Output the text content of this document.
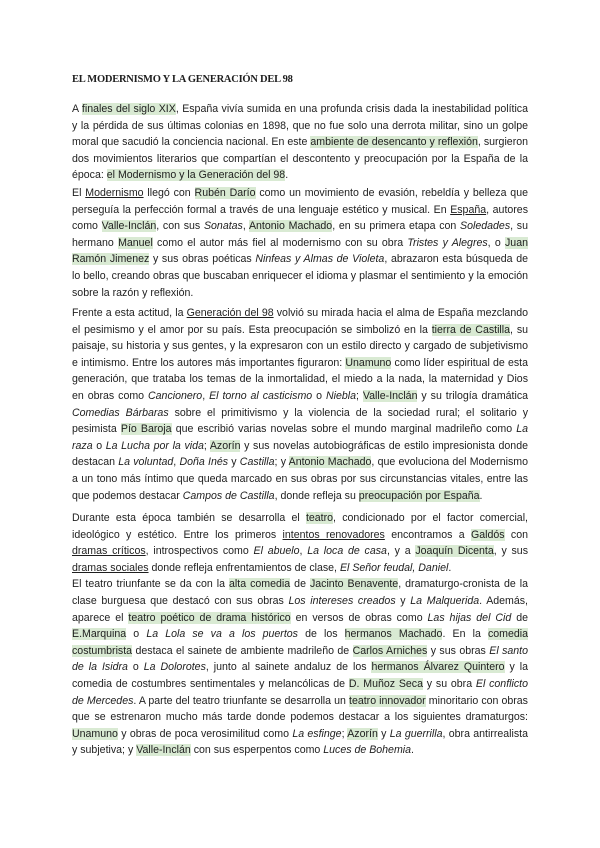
EL MODERNISMO Y LA GENERACIÓN DEL 98

A finales del siglo XIX, España vivía sumida en una profunda crisis dada la inestabilidad política y la pérdida de sus últimas colonias en 1898, que no fue solo una derrota militar, sino un golpe moral que sacudió la conciencia nacional. En este ambiente de desencanto y reflexión, surgieron dos movimientos literarios que compartían el descontento y preocupación por la España de la época: el Modernismo y la Generación del 98.

El Modernismo llegó con Rubén Darío como un movimiento de evasión, rebeldía y belleza que perseguía la perfección formal a través de una lenguaje estético y musical. En España, autores como Valle-Inclán, con sus Sonatas, Antonio Machado, en su primera etapa con Soledades, su hermano Manuel como el autor más fiel al modernismo con su obra Tristes y Alegres, o Juan Ramón Jimenez y sus obras poéticas Ninfeas y Almas de Violeta, abrazaron esta búsqueda de lo bello, creando obras que buscaban enriquecer el idioma y plasmar el sentimiento y la emoción sobre la razón y reflexión.

Frente a esta actitud, la Generación del 98 volvió su mirada hacia el alma de España mezclando el pesimismo y el amor por su país. Esta preocupación se simbolizó en la tierra de Castilla, su paisaje, su historia y sus gentes, y la expresaron con un estilo directo y cargado de subjetivismo e intimismo. Entre los autores más importantes figuraron: Unamuno como líder espiritual de esta generación, que trataba los temas de la inmortalidad, el miedo a la nada, la maternidad y Dios en obras como Cancionero, El torno al casticismo o Niebla; Valle-Inclán y su trilogía dramática Comedias Bárbaras sobre el primitivismo y la violencia de la sociedad rural; el solitario y pesimista Pío Baroja que escribió varias novelas sobre el mundo marginal madrileño como La raza o La Lucha por la vida; Azorín y sus novelas autobiográficas de estilo impresionista donde destacan La voluntad, Doña Inés y Castilla; y Antonio Machado, que evoluciona del Modernismo a un tono más íntimo que queda marcado en sus obras por sus circunstancias vitales, entre las que podemos destacar Campos de Castilla, donde refleja su preocupación por España.

Durante esta época también se desarrolla el teatro, condicionado por el factor comercial, ideológico y estético. Entre los primeros intentos renovadores encontramos a Galdós con dramas críticos, introspectivos como El abuelo, La loca de casa, y a Joaquín Dicenta, y sus dramas sociales donde refleja enfrentamientos de clase, El Señor feudal, Daniel.
El teatro triunfante se da con la alta comedia de Jacinto Benavente, dramaturgo-cronista de la clase burguesa que destacó con sus obras Los intereses creados y La Malquerida. Además, aparece el teatro poético de drama histórico en versos de obras como Las hijas del Cid de E.Marquina o La Lola se va a los puertos de los hermanos Machado. En la comedia costumbrista destaca el sainete de ambiente madrileño de Carlos Arniches y sus obras El santo de la Isidra o La Dolorotes, junto al sainete andaluz de los hermanos Álvarez Quintero y la comedia de costumbres sentimentales y melancólicas de D. Muñoz Seca y su obra El conflicto de Mercedes. A parte del teatro triunfante se desarrolla un teatro innovador minoritario con obras que se estrenaron mucho más tarde donde podemos destacar a los siguientes dramaturgos: Unamuno y obras de poca verosimilitud como La esfinge; Azorín y La guerrilla, obra antirrealista y subjetiva; y Valle-Inclán con sus esperpentos como Luces de Bohemia.
